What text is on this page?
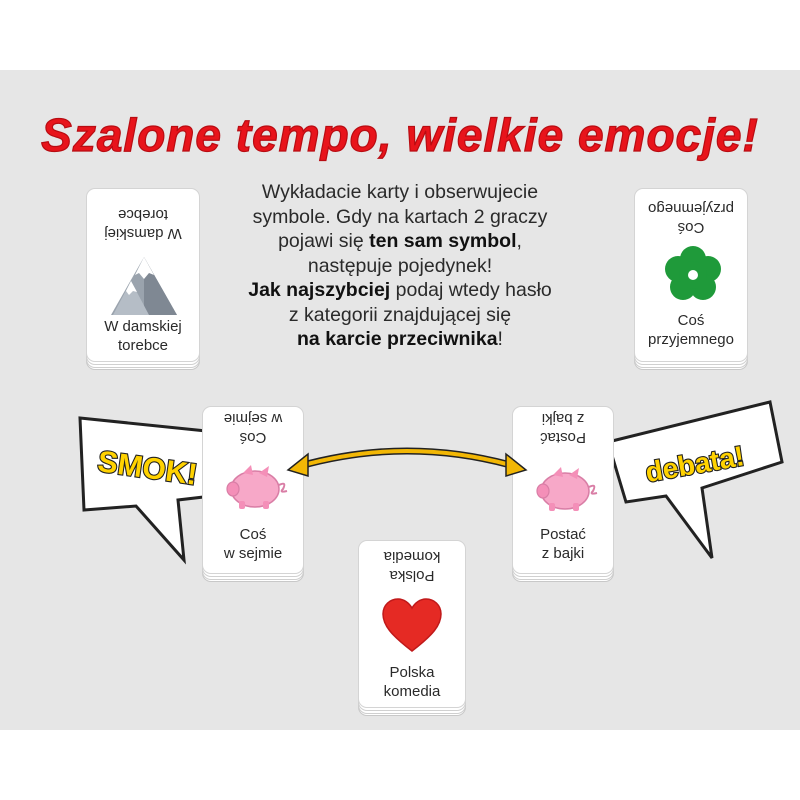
Szalone tempo, wielkie emocje!
Wykładacie karty i obserwujecie
symbole. Gdy na kartach 2 graczy
pojawi się ten sam symbol,
następuje pojedynek!
Jak najszybciej podaj wtedy hasło
z kategorii znajdującej się
na karcie przeciwnika!
W damskiej
torebce
W damskiej
torebce
Coś
przyjemnego
Coś
przyjemnego
SMOK!	debata!
Coś
w sejmie
Coś
w sejmie
Postać
z bajki
Postać
z bajki
Polska
komedia
Polska
komedia
